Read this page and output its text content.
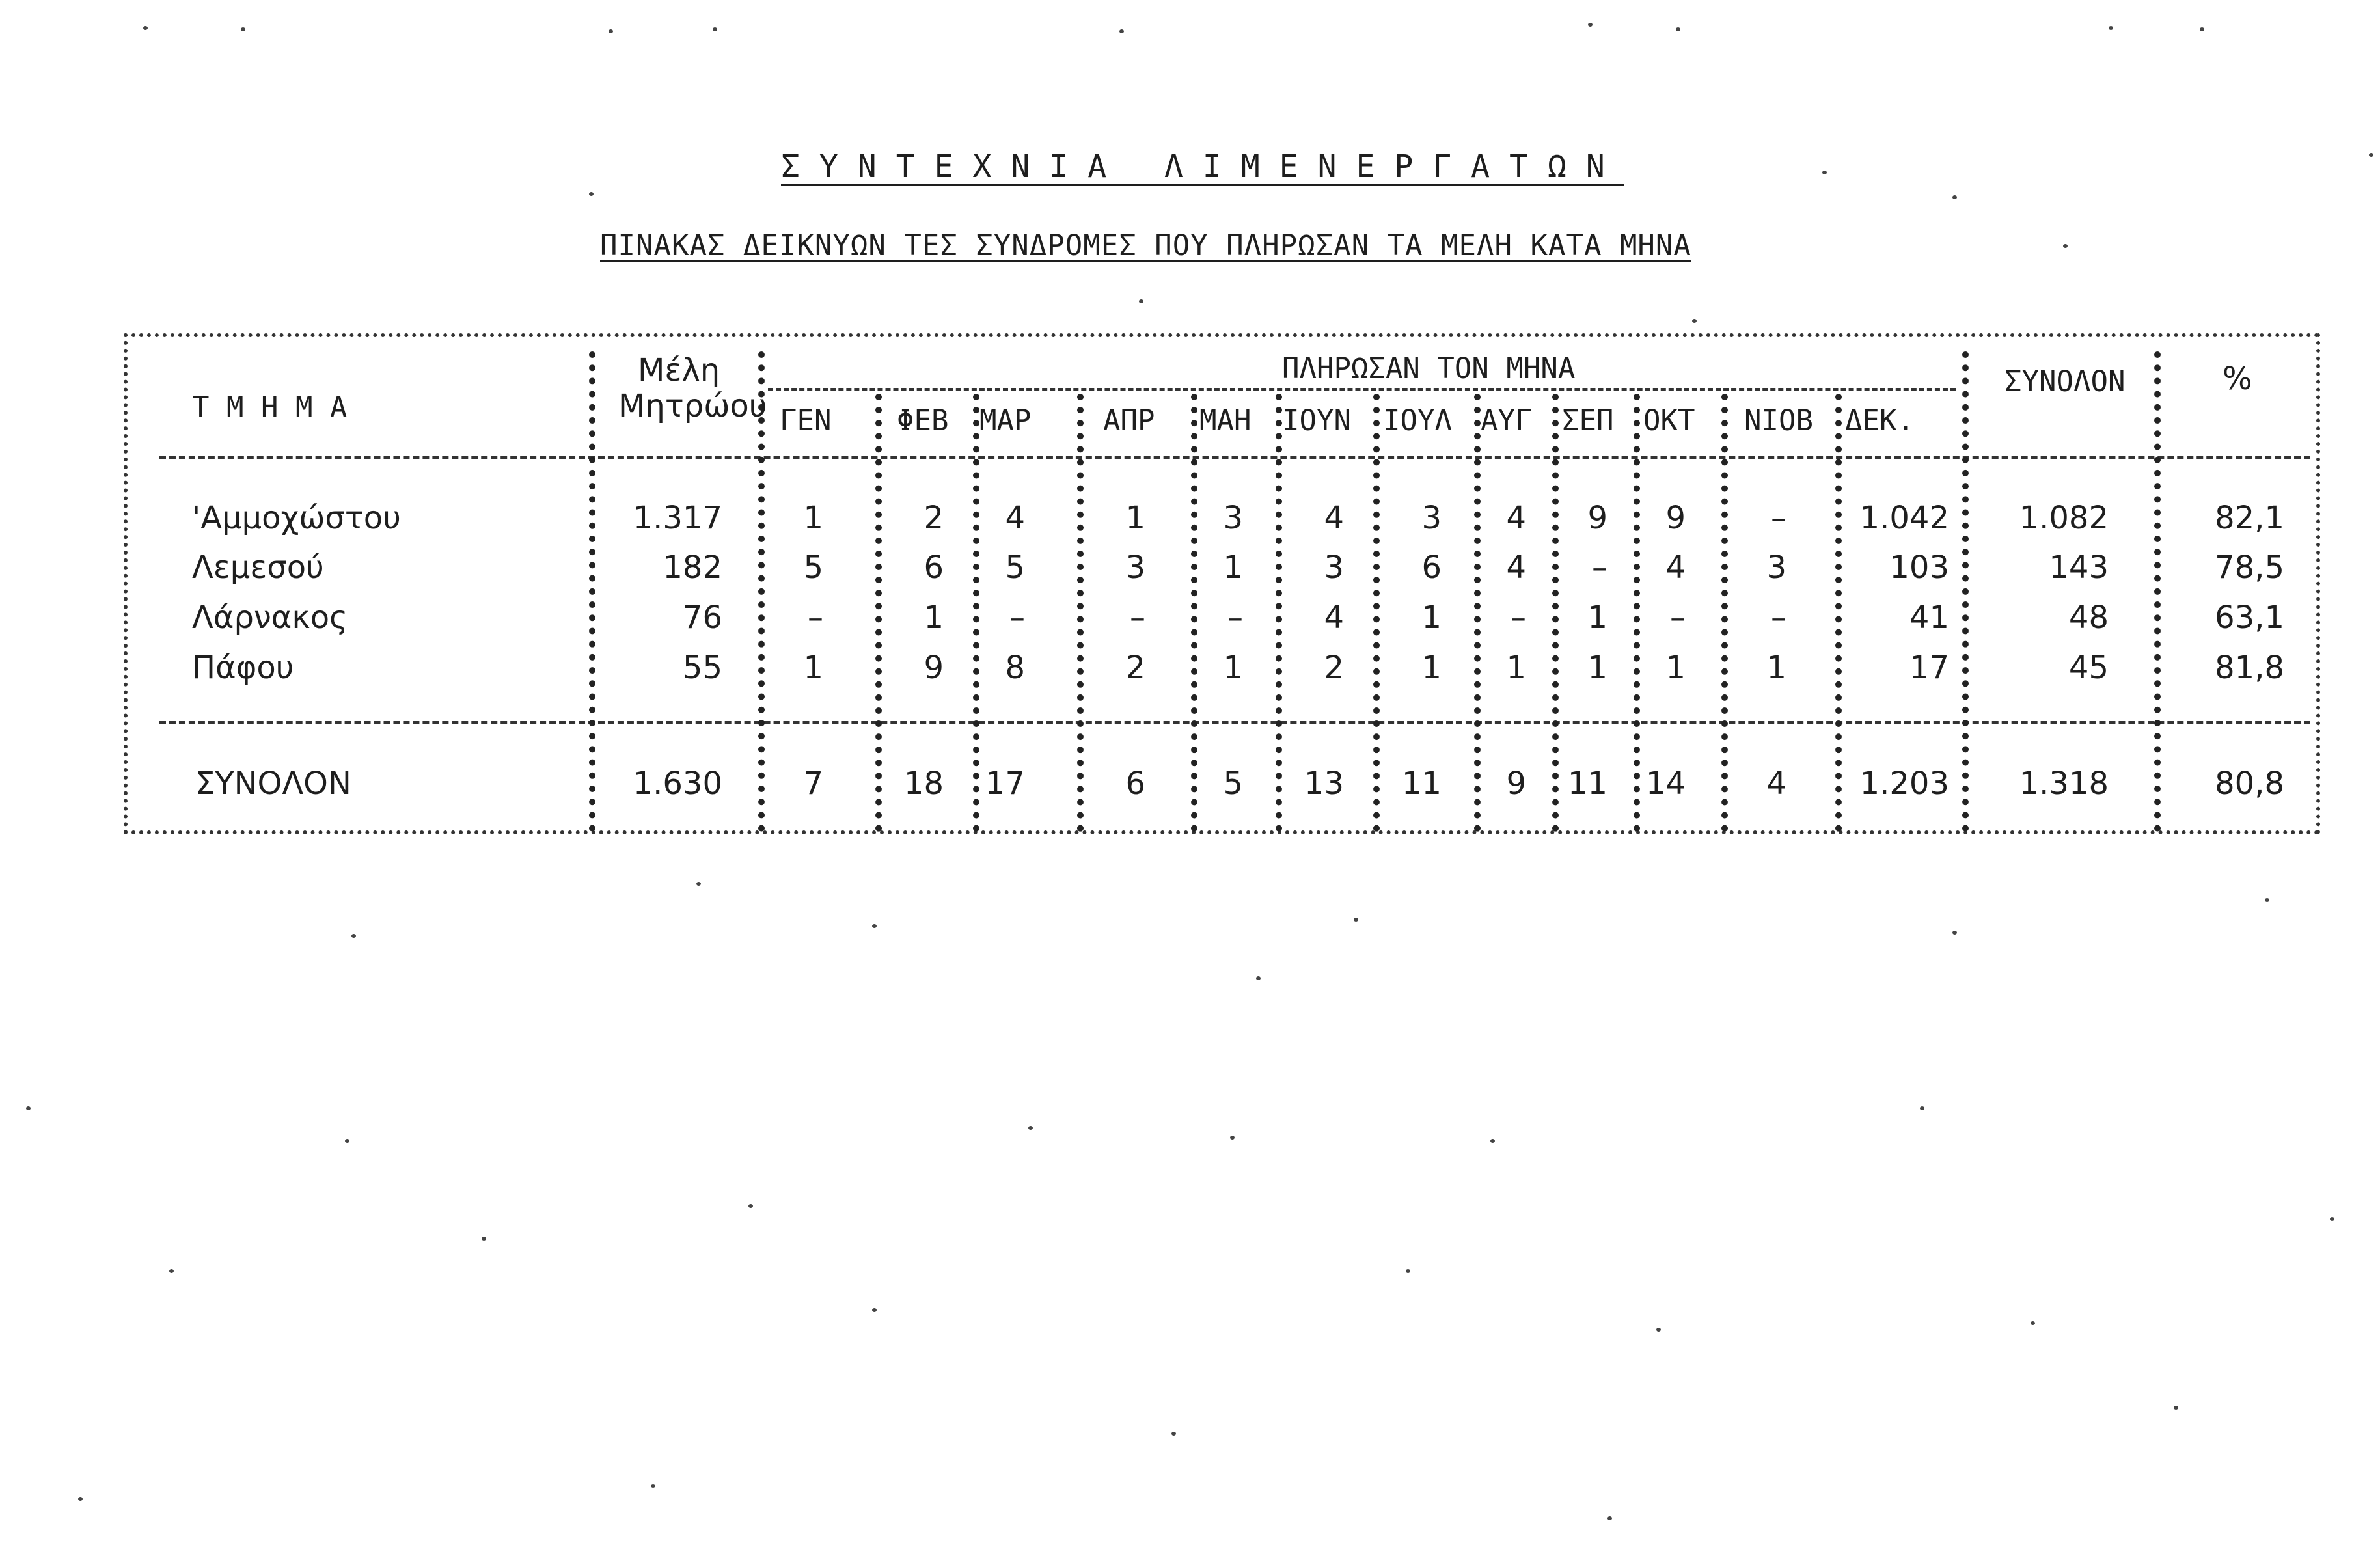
ΣΥΝΤΕΧΝΙΑ ΛΙΜΕΝΕΡΓΑΤΩΝ
ΠΙΝΑΚΑΣ ΔΕΙΚΝΥΩΝ ΤΕΣ ΣΥΝΔΡΟΜΕΣ ΠΟΥ ΠΛΗΡΩΣΑΝ ΤΑ ΜΕΛΗ ΚΑΤΑ ΜΗΝΑ
Τ Μ Η Μ Α
Μέλη
Μητρώου
ΠΛΗΡΩΣΑΝ ΤΟΝ ΜΗΝΑ
ΓΕΝ ΦΕΒ ΜΑΡ	ΑΠΡ ΜΑΗ ΙΟΥΝ ΙΟΥΛ ΑΥΓ ΣΕΠ ΟΚΤ ΝΙΟΒ ΔΕΚ.
ΣΥΝΟΛΟΝ	%
'Αμμοχώστου	1.317	1	2	4	1	3	4	3	4	9	9	–	1.042	1.082	82,1
Λεμεσού	182	5	6	5	3	1	3	6	4	–	4	3	103	143	78,5
Λάρνακος	76	–	1	–	–	–	4	1	–	1	–	–	41	48	63,1
Πάφου	55	1	9	8	2	1	2	1	1	1	1	1	17	45	81,8
ΣΥΝΟΛΟΝ	1.630	7	18	17	6	5	13	11	9	11	14	4	1.203	1.318	80,8
